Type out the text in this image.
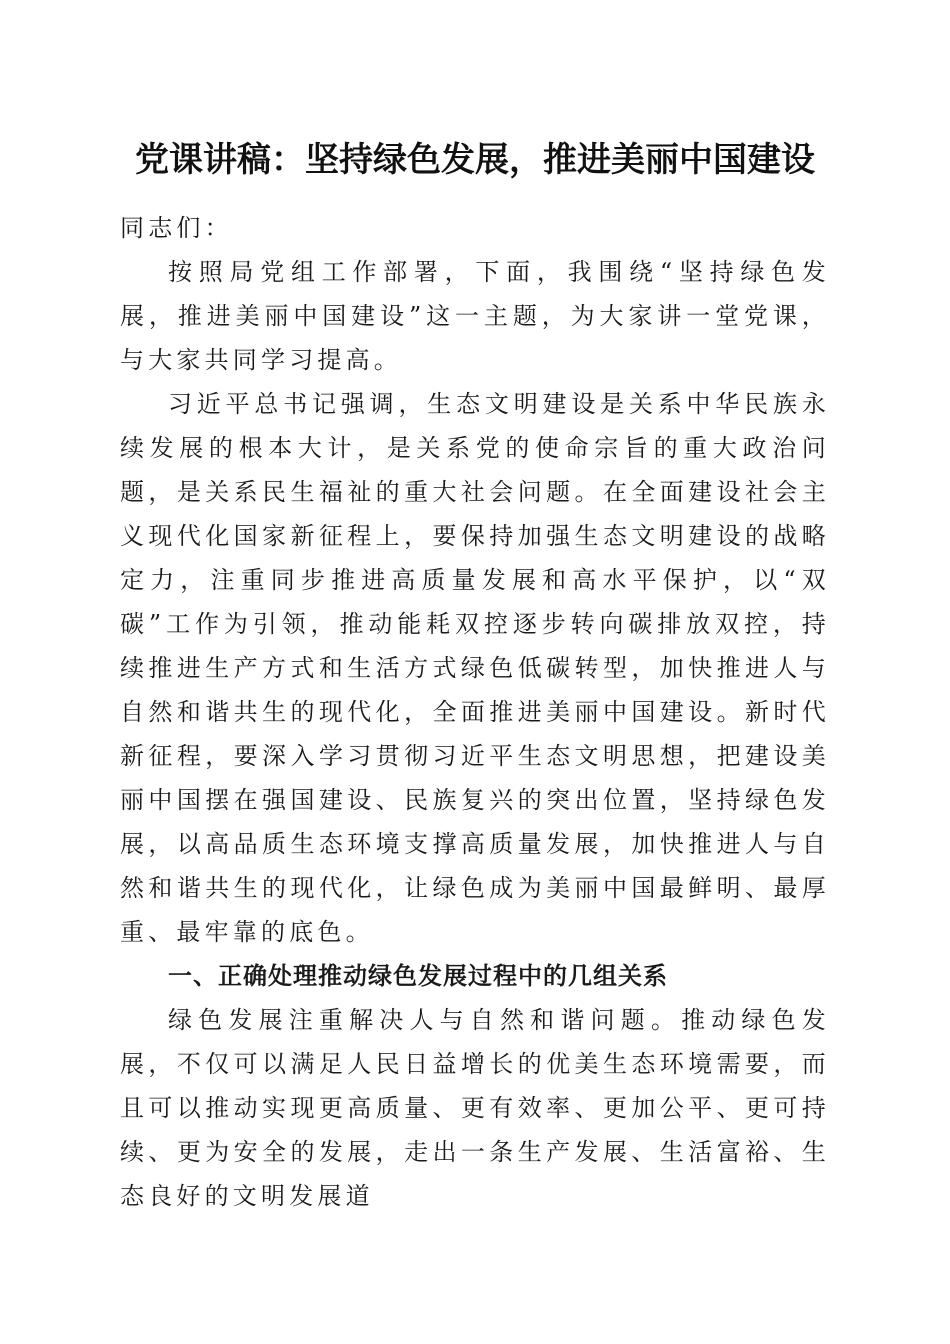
党课讲稿：坚持绿色发展，推进美丽中国建设

同志们：

按照局党组工作部署，下面，我围绕“坚持绿色发展，推进美丽中国建设”这一主题，为大家讲一堂党课，与大家共同学习提高。

习近平总书记强调，生态文明建设是关系中华民族永续发展的根本大计，是关系党的使命宗旨的重大政治问题，是关系民生福祉的重大社会问题。在全面建设社会主义现代化国家新征程上，要保持加强生态文明建设的战略定力，注重同步推进高质量发展和高水平保护，以“双碳”工作为引领，推动能耗双控逐步转向碳排放双控，持续推进生产方式和生活方式绿色低碳转型，加快推进人与自然和谐共生的现代化，全面推进美丽中国建设。新时代新征程，要深入学习贯彻习近平生态文明思想，把建设美丽中国摆在强国建设、民族复兴的突出位置，坚持绿色发展，以高品质生态环境支撑高质量发展，加快推进人与自然和谐共生的现代化，让绿色成为美丽中国最鲜明、最厚重、最牢靠的底色。

一、正确处理推动绿色发展过程中的几组关系

绿色发展注重解决人与自然和谐问题。推动绿色发展，不仅可以满足人民日益增长的优美生态环境需要，而且可以推动实现更高质量、更有效率、更加公平、更可持续、更为安全的发展，走出一条生产发展、生活富裕、生态良好的文明发展道
